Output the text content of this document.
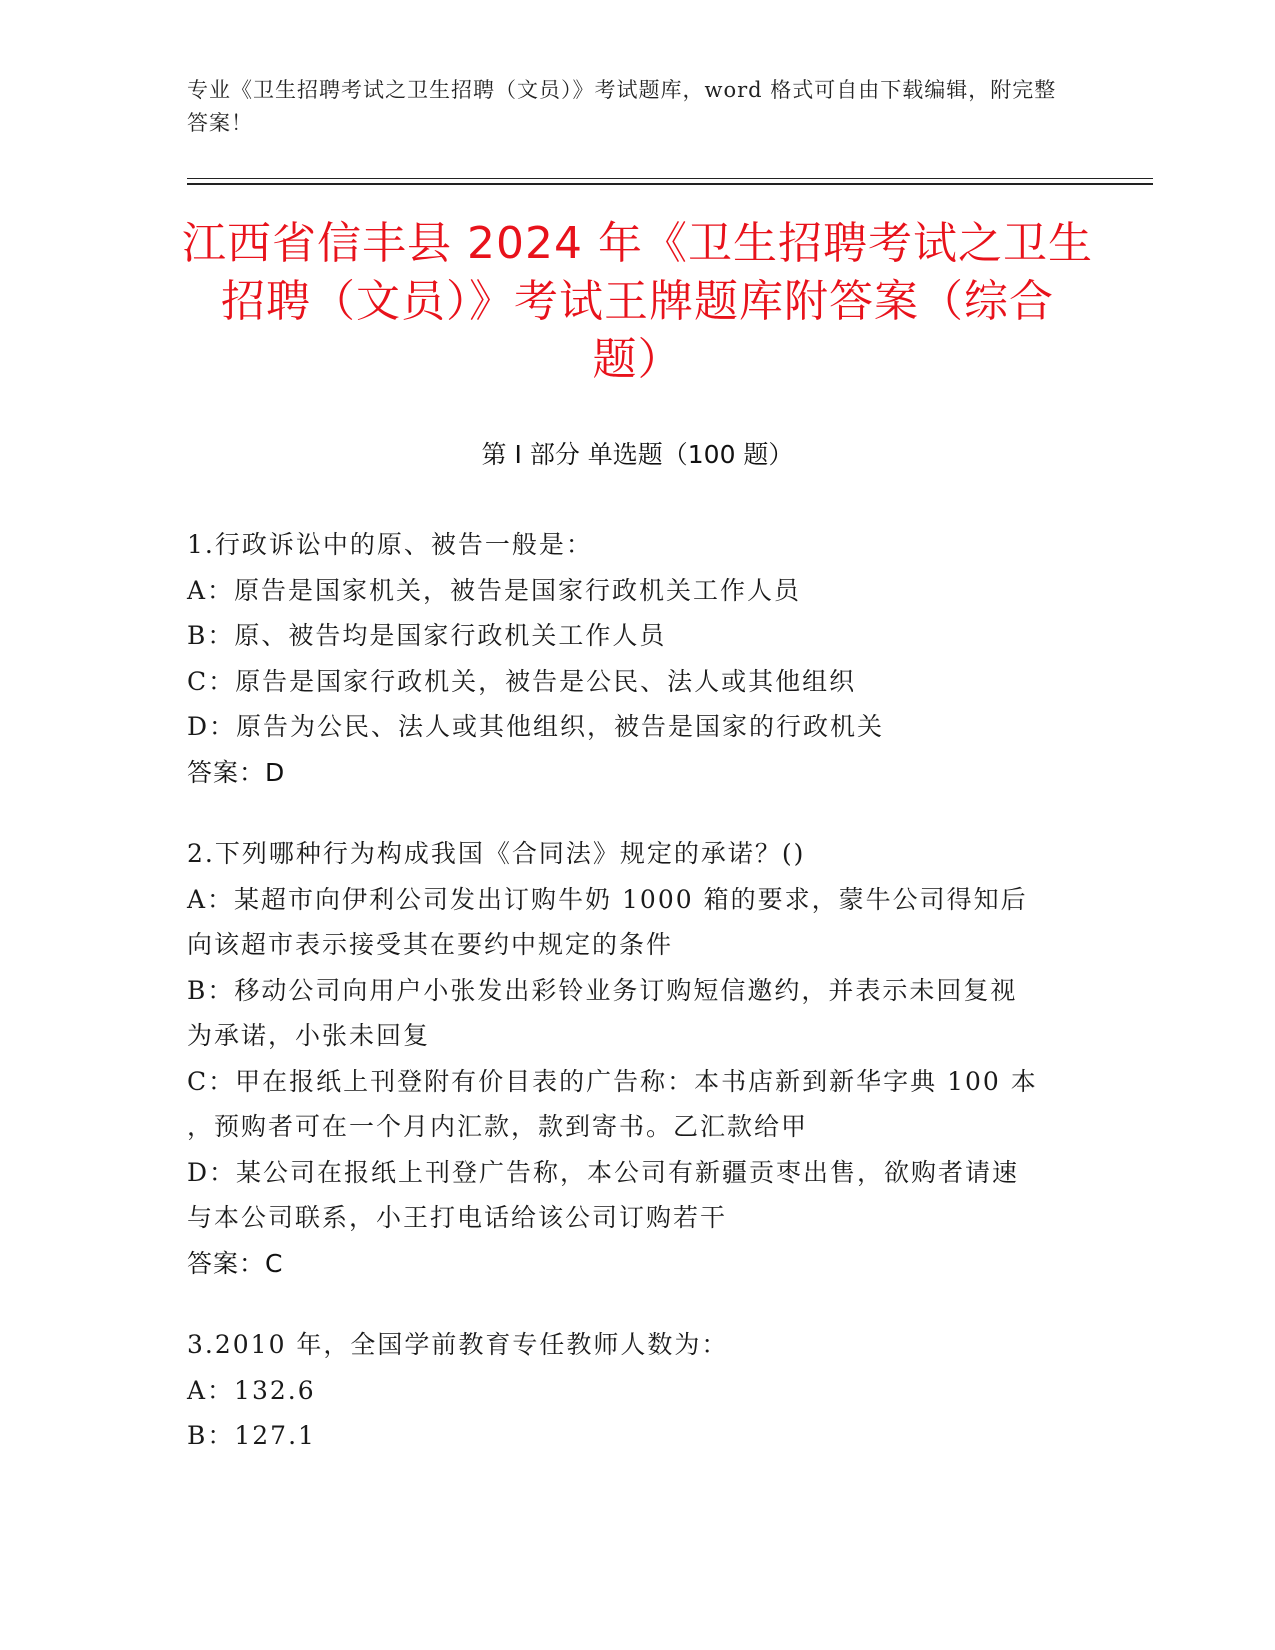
专业《卫生招聘考试之卫生招聘（文员）》考试题库，word 格式可自由下载编辑，附完整答案！
江西省信丰县 2024 年《卫生招聘考试之卫生
招聘（文员）》考试王牌题库附答案（综合
题）
第 I 部分 单选题（100 题）
1.行政诉讼中的原、被告一般是：
A：原告是国家机关，被告是国家行政机关工作人员
B：原、被告均是国家行政机关工作人员
C：原告是国家行政机关，被告是公民、法人或其他组织
D：原告为公民、法人或其他组织，被告是国家的行政机关
答案：D
2.下列哪种行为构成我国《合同法》规定的承诺？()
A：某超市向伊利公司发出订购牛奶 1000 箱的要求，蒙牛公司得知后
向该超市表示接受其在要约中规定的条件
B：移动公司向用户小张发出彩铃业务订购短信邀约，并表示未回复视
为承诺，小张未回复
C：甲在报纸上刊登附有价目表的广告称：本书店新到新华字典 100 本
，预购者可在一个月内汇款，款到寄书。乙汇款给甲
D：某公司在报纸上刊登广告称，本公司有新疆贡枣出售，欲购者请速
与本公司联系，小王打电话给该公司订购若干
答案：C
3.2010 年，全国学前教育专任教师人数为：
A：132.6
B：127.1
